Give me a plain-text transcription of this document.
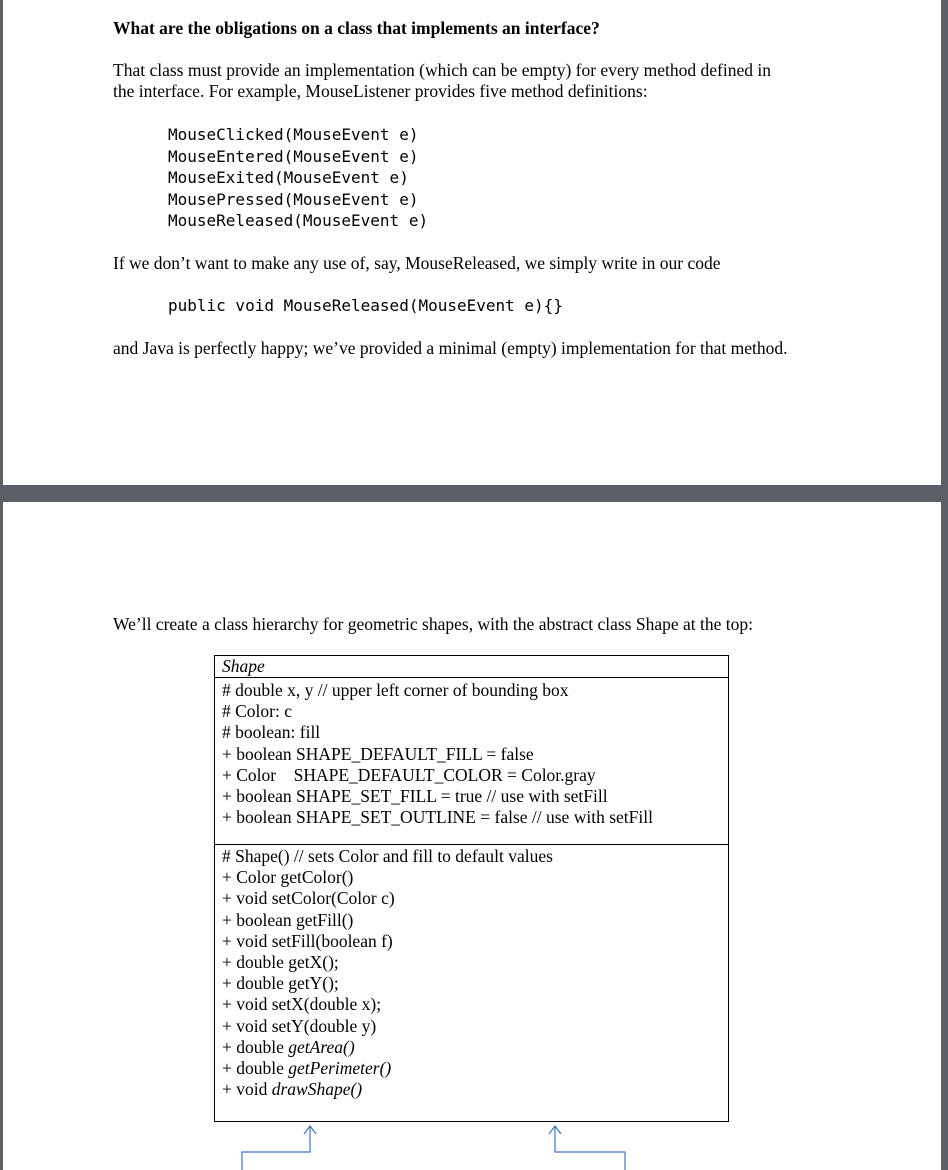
What are the obligations on a class that implements an interface?

That class must provide an implementation (which can be empty) for every method defined in
the interface. For example, MouseListener provides five method definitions:

MouseClicked(MouseEvent e)
MouseEntered(MouseEvent e)
MouseExited(MouseEvent e)
MousePressed(MouseEvent e)
MouseReleased(MouseEvent e)

If we don’t want to make any use of, say, MouseReleased, we simply write in our code

public void MouseReleased(MouseEvent e){}

and Java is perfectly happy; we’ve provided a minimal (empty) implementation for that method.

We’ll create a class hierarchy for geometric shapes, with the abstract class Shape at the top:

Shape
# double x, y // upper left corner of bounding box
# Color: c
# boolean: fill
+ boolean SHAPE_DEFAULT_FILL = false
+ Color    SHAPE_DEFAULT_COLOR = Color.gray
+ boolean SHAPE_SET_FILL = true // use with setFill
+ boolean SHAPE_SET_OUTLINE = false // use with setFill
# Shape() // sets Color and fill to default values
+ Color getColor()
+ void setColor(Color c)
+ boolean getFill()
+ void setFill(boolean f)
+ double getX();
+ double getY();
+ void setX(double x);
+ void setY(double y)
+ double getArea()
+ double getPerimeter()
+ void drawShape()
